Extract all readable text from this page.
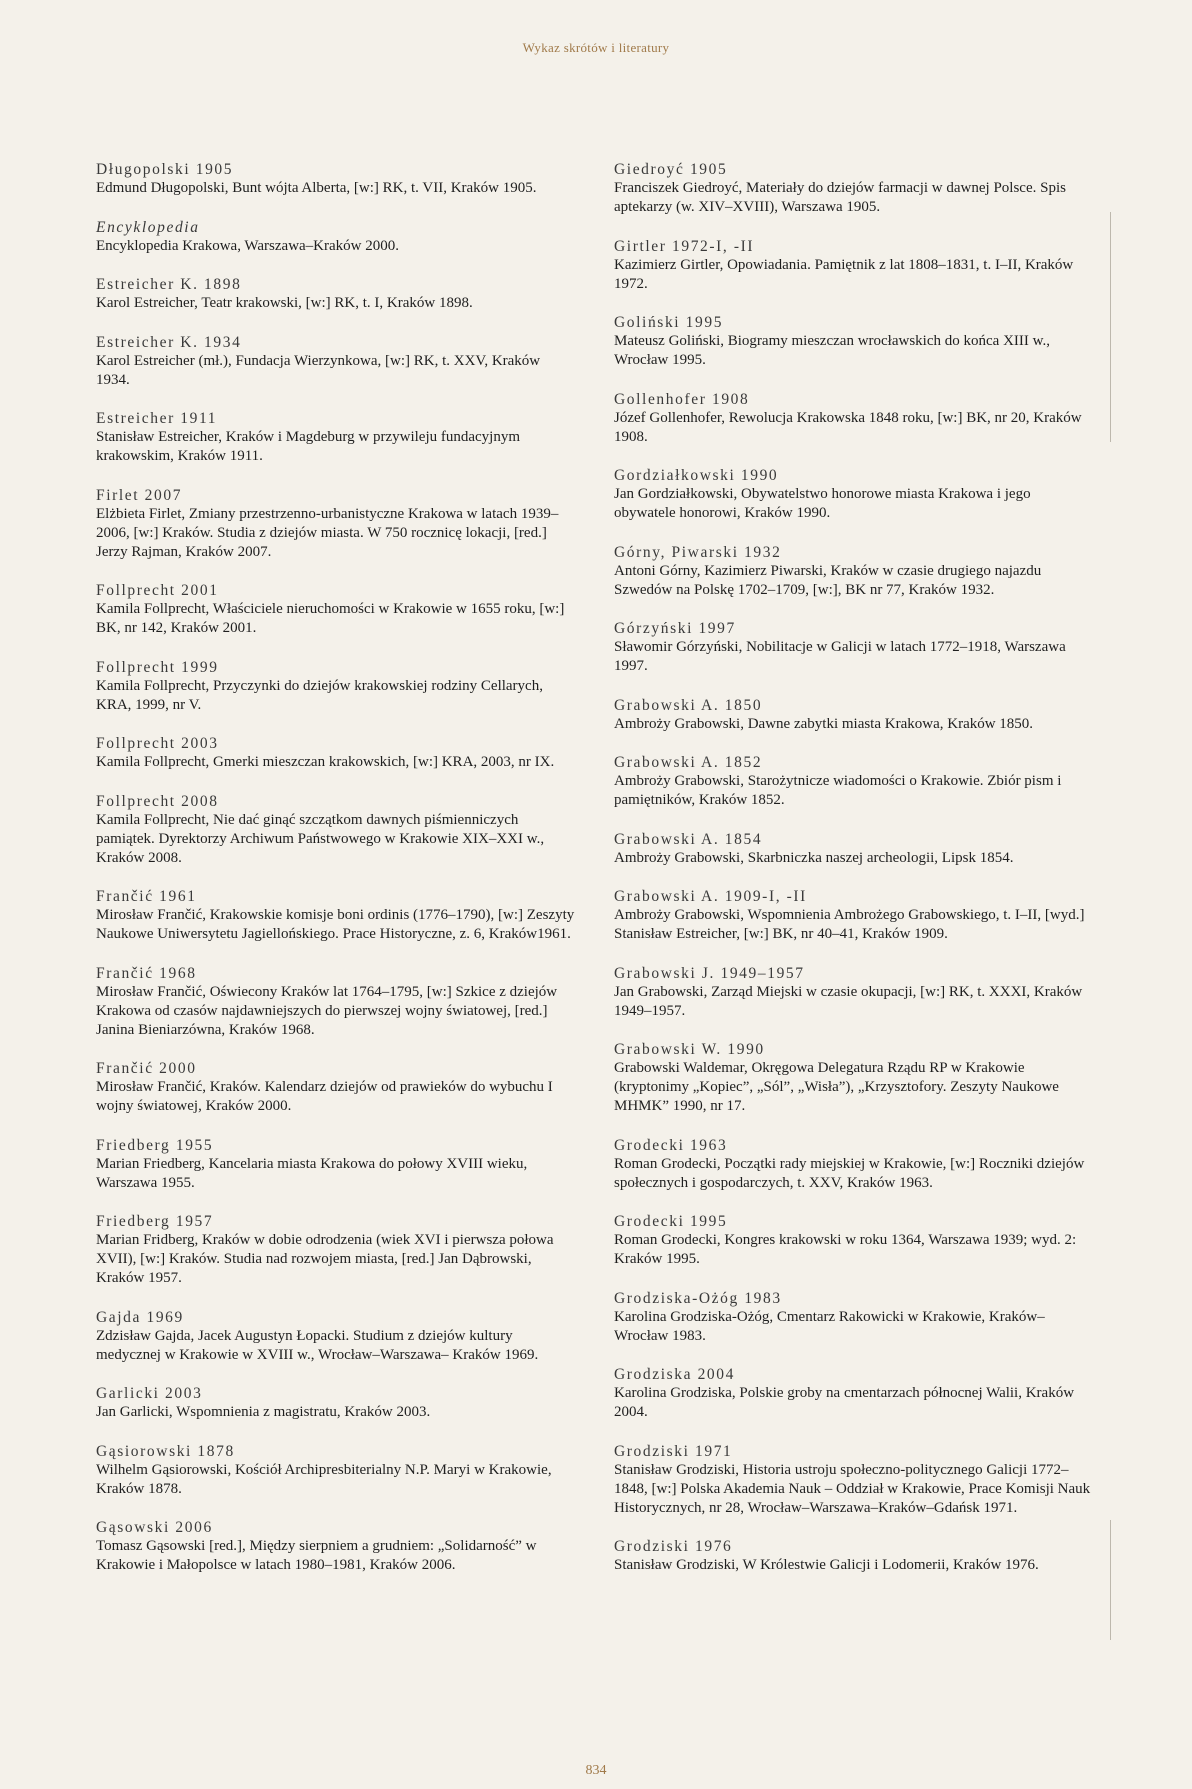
Wykaz skrótów i literatury
Długopolski 1905
Edmund Długopolski, Bunt wójta Alberta, [w:] RK, t. VII, Kraków 1905.
Encyklopedia
Encyklopedia Krakowa, Warszawa–Kraków 2000.
Estreicher K. 1898
Karol Estreicher, Teatr krakowski, [w:] RK, t. I, Kraków 1898.
Estreicher K. 1934
Karol Estreicher (mł.), Fundacja Wierzynkowa, [w:] RK, t. XXV, Kraków 1934.
Estreicher 1911
Stanisław Estreicher, Kraków i Magdeburg w przywileju fundacyjnym krakowskim, Kraków 1911.
Firlet 2007
Elżbieta Firlet, Zmiany przestrzenno-urbanistyczne Krakowa w latach 1939–2006, [w:] Kraków. Studia z dziejów miasta. W 750 rocznicę lokacji, [red.] Jerzy Rajman, Kraków 2007.
Follprecht 2001
Kamila Follprecht, Właściciele nieruchomości w Krakowie w 1655 roku, [w:] BK, nr 142, Kraków 2001.
Follprecht 1999
Kamila Follprecht, Przyczynki do dziejów krakowskiej rodziny Cellarych, KRA, 1999, nr V.
Follprecht 2003
Kamila Follprecht, Gmerki mieszczan krakowskich, [w:] KRA, 2003, nr IX.
Follprecht 2008
Kamila Follprecht, Nie dać ginąć szczątkom dawnych piśmienniczych pamiątek. Dyrektorzy Archiwum Państwowego w Krakowie XIX–XXI w., Kraków 2008.
Frančić 1961
Mirosław Frančić, Krakowskie komisje boni ordinis (1776–1790), [w:] Zeszyty Naukowe Uniwersytetu Jagiellońskiego. Prace Historyczne, z. 6, Kraków1961.
Frančić 1968
Mirosław Frančić, Oświecony Kraków lat 1764–1795, [w:] Szkice z dziejów Krakowa od czasów najdawniejszych do pierwszej wojny światowej, [red.] Janina Bieniarzówna, Kraków 1968.
Frančić 2000
Mirosław Frančić, Kraków. Kalendarz dziejów od prawieków do wybuchu I wojny światowej, Kraków 2000.
Friedberg 1955
Marian Friedberg, Kancelaria miasta Krakowa do połowy XVIII wieku, Warszawa 1955.
Friedberg 1957
Marian Fridberg, Kraków w dobie odrodzenia (wiek XVI i pierwsza połowa XVII), [w:] Kraków. Studia nad rozwojem miasta, [red.] Jan Dąbrowski, Kraków 1957.
Gajda 1969
Zdzisław Gajda, Jacek Augustyn Łopacki. Studium z dziejów kultury medycznej w Krakowie w XVIII w., Wrocław–Warszawa– Kraków 1969.
Garlicki 2003
Jan Garlicki, Wspomnienia z magistratu, Kraków 2003.
Gąsiorowski 1878
Wilhelm Gąsiorowski, Kościół Archipresbiterialny N.P. Maryi w Krakowie, Kraków 1878.
Gąsowski 2006
Tomasz Gąsowski [red.], Między sierpniem a grudniem: „Solidarność” w Krakowie i Małopolsce w latach 1980–1981, Kraków 2006.
Giedroyć 1905
Franciszek Giedroyć, Materiały do dziejów farmacji w dawnej Polsce. Spis aptekarzy (w. XIV–XVIII), Warszawa 1905.
Girtler 1972-I, -II
Kazimierz Girtler, Opowiadania. Pamiętnik z lat 1808–1831, t. I–II, Kraków 1972.
Goliński 1995
Mateusz Goliński, Biogramy mieszczan wrocławskich do końca XIII w., Wrocław 1995.
Gollenhofer 1908
Józef Gollenhofer, Rewolucja Krakowska 1848 roku, [w:] BK, nr 20, Kraków 1908.
Gordziałkowski 1990
Jan Gordziałkowski, Obywatelstwo honorowe miasta Krakowa i jego obywatele honorowi, Kraków 1990.
Górny, Piwarski 1932
Antoni Górny, Kazimierz Piwarski, Kraków w czasie drugiego najazdu Szwedów na Polskę 1702–1709, [w:], BK nr 77, Kraków 1932.
Górzyński 1997
Sławomir Górzyński, Nobilitacje w Galicji w latach 1772–1918, Warszawa 1997.
Grabowski A. 1850
Ambroży Grabowski, Dawne zabytki miasta Krakowa, Kraków 1850.
Grabowski A. 1852
Ambroży Grabowski, Starożytnicze wiadomości o Krakowie. Zbiór pism i pamiętników, Kraków 1852.
Grabowski A. 1854
Ambroży Grabowski, Skarbniczka naszej archeologii, Lipsk 1854.
Grabowski A. 1909-I, -II
Ambroży Grabowski, Wspomnienia Ambrożego Grabowskiego, t. I–II, [wyd.] Stanisław Estreicher, [w:] BK, nr 40–41, Kraków 1909.
Grabowski J. 1949–1957
Jan Grabowski, Zarząd Miejski w czasie okupacji, [w:] RK, t. XXXI, Kraków 1949–1957.
Grabowski W. 1990
Grabowski Waldemar, Okręgowa Delegatura Rządu RP w Krakowie (kryptonimy „Kopiec”, „Sól”, „Wisła”), „Krzysztofory. Zeszyty Naukowe MHMK” 1990, nr 17.
Grodecki 1963
Roman Grodecki, Początki rady miejskiej w Krakowie, [w:] Roczniki dziejów społecznych i gospodarczych, t. XXV, Kraków 1963.
Grodecki 1995
Roman Grodecki, Kongres krakowski w roku 1364, Warszawa 1939; wyd. 2: Kraków 1995.
Grodziska-Ożóg 1983
Karolina Grodziska-Ożóg, Cmentarz Rakowicki w Krakowie, Kraków–Wrocław 1983.
Grodziska 2004
Karolina Grodziska, Polskie groby na cmentarzach północnej Walii, Kraków 2004.
Grodziski 1971
Stanisław Grodziski, Historia ustroju społeczno-politycznego Galicji 1772–1848, [w:] Polska Akademia Nauk – Oddział w Krakowie, Prace Komisji Nauk Historycznych, nr 28, Wrocław–Warszawa–Kraków–Gdańsk 1971.
Grodziski 1976
Stanisław Grodziski, W Królestwie Galicji i Lodomerii, Kraków 1976.
834
